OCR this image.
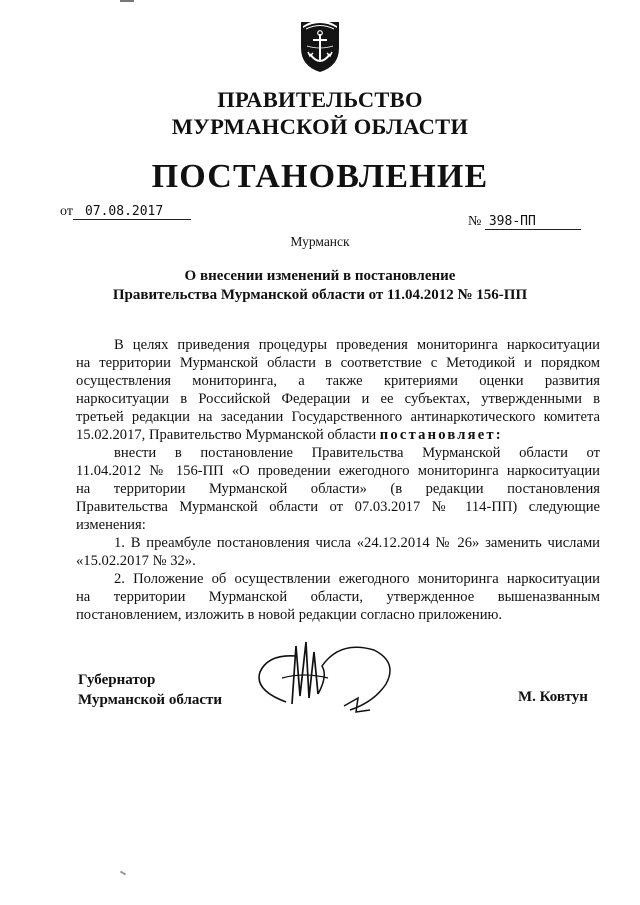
ПРАВИТЕЛЬСТВО
МУРМАНСКОЙ ОБЛАСТИ
ПОСТАНОВЛЕНИЕ
от 07.08.2017
№ 398-ПП
Мурманск
О внесении изменений в постановление
Правительства Мурманской области от 11.04.2012 № 156-ПП

В целях приведения процедуры проведения мониторинга наркоситуации

на территории Мурманской области в соответствие с Методикой и порядком

осуществления мониторинга, а также критериями оценки развития

наркоситуации в Российской Федерации и ее субъектах, утвержденными в

третьей редакции на заседании Государственного антинаркотического комитета

15.02.2017, Правительство Мурманской области постановляет:

внести в постановление Правительства Мурманской области от

11.04.2012 № 156-ПП «О проведении ежегодного мониторинга наркоситуации

на территории Мурманской области» (в редакции постановления

Правительства Мурманской области от 07.03.2017 № 114-ПП) следующие

изменения:

1. В преамбуле постановления числа «24.12.2014 № 26» заменить числами

«15.02.2017 № 32».

2. Положение об осуществлении ежегодного мониторинга наркоситуации

на территории Мурманской области, утвержденное вышеназванным

постановлением, изложить в новой редакции согласно приложению.

Губернатор
Мурманской области	М. Ковтун
